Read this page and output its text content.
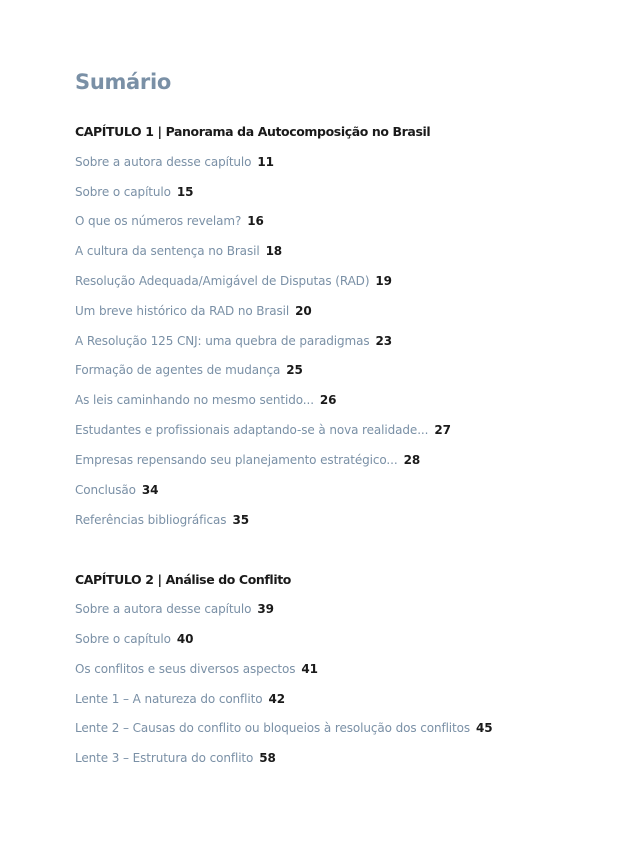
Sumário
CAPÍTULO 1 | Panorama da Autocomposição no Brasil
Sobre a autora desse capítulo 11
Sobre o capítulo 15
O que os números revelam? 16
A cultura da sentença no Brasil 18
Resolução Adequada/Amigável de Disputas (RAD) 19
Um breve histórico da RAD no Brasil 20
A Resolução 125 CNJ: uma quebra de paradigmas 23
Formação de agentes de mudança 25
As leis caminhando no mesmo sentido... 26
Estudantes e profissionais adaptando-se à nova realidade... 27
Empresas repensando seu planejamento estratégico... 28
Conclusão 34
Referências bibliográficas 35
CAPÍTULO 2 | Análise do Conflito
Sobre a autora desse capítulo 39
Sobre o capítulo 40
Os conflitos e seus diversos aspectos 41
Lente 1 – A natureza do conflito 42
Lente 2 – Causas do conflito ou bloqueios à resolução dos conflitos 45
Lente 3 – Estrutura do conflito 58
